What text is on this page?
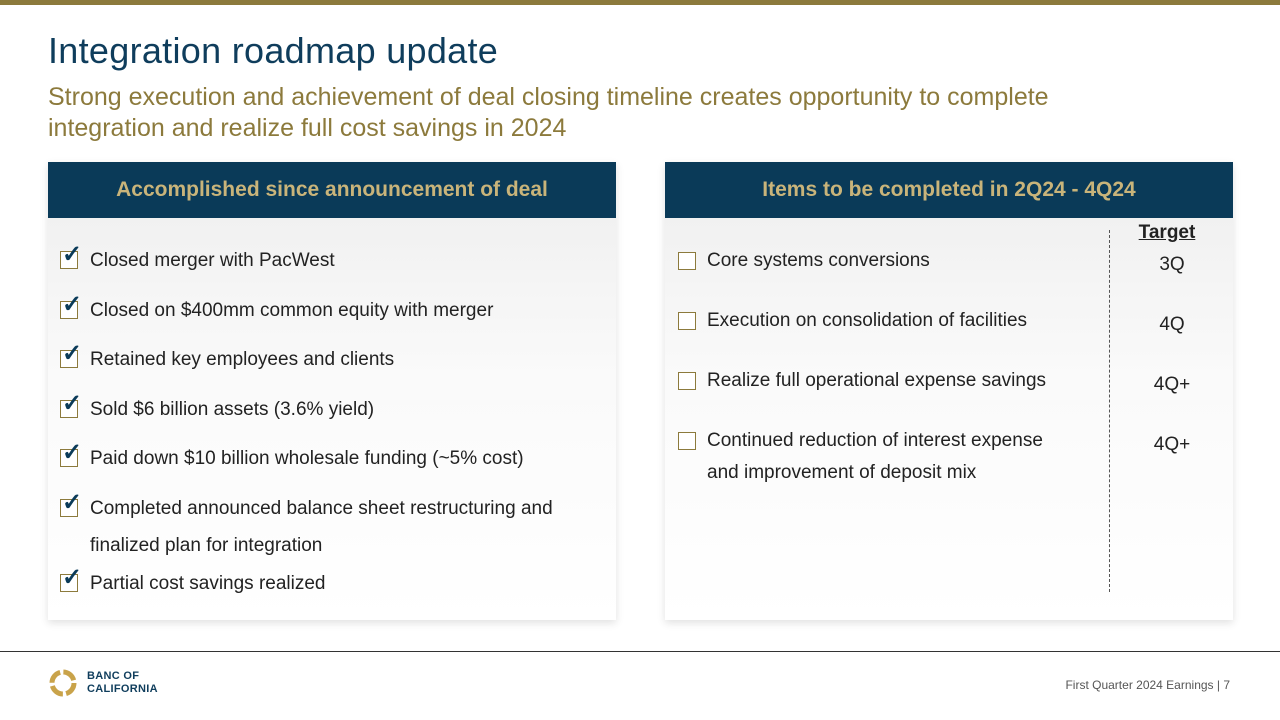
Integration roadmap update
Strong execution and achievement of deal closing timeline creates opportunity to complete integration and realize full cost savings in 2024
Accomplished since announcement of deal
✓ Closed merger with PacWest
✓ Closed on $400mm common equity with merger
✓ Retained key employees and clients
✓ Sold $6 billion assets (3.6% yield)
✓ Paid down $10 billion wholesale funding (~5% cost)
✓ Completed announced balance sheet restructuring and finalized plan for integration
✓ Partial cost savings realized
Items to be completed in 2Q24 - 4Q24
Core systems conversions
Execution on consolidation of facilities
Realize full operational expense savings
Continued reduction of interest expense and improvement of deposit mix
Target
3Q
4Q
4Q+
4Q+
BANC OF
CALIFORNIA	First Quarter 2024 Earnings | 7
